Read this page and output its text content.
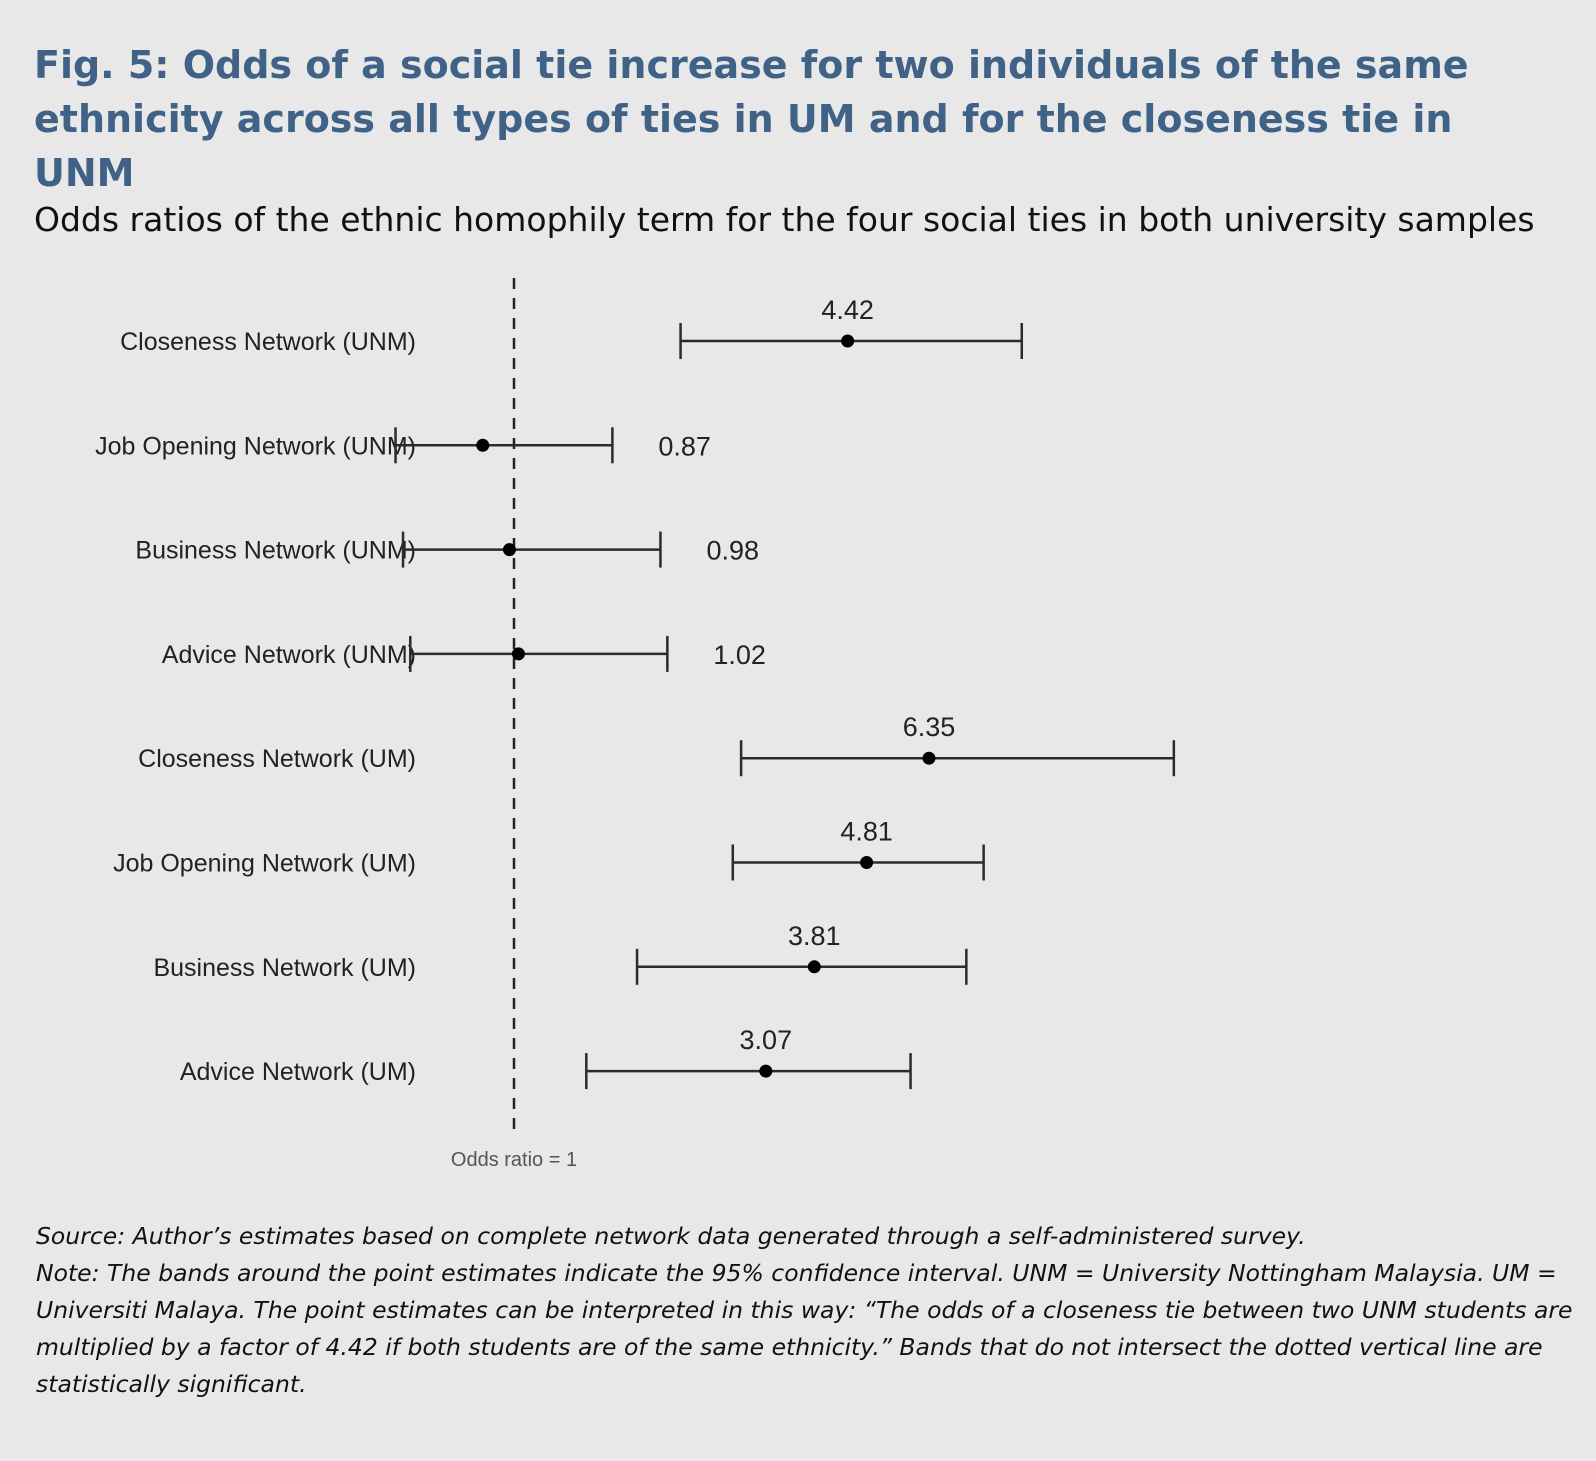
Fig. 5: Odds of a social tie increase for two individuals of the same ethnicity across all types of ties in UM and for the closeness tie in UNM
Odds ratios of the ethnic homophily term for the four social ties in both university samples
Odds ratio = 1
Closeness Network (UNM)
4.42
Job Opening Network (UNM)	0.87
Business Network (UNM)	0.98
Advice Network (UNM)	1.02
Closeness Network (UM)
6.35
Job Opening Network (UM)
4.81
Business Network (UM)
3.81
Advice Network (UM)
3.07

Source: Author’s estimates based on complete network data generated through a self-administered survey.

Note: The bands around the point estimates indicate the 95% confidence interval. UNM = University Nottingham Malaysia. UM = Universiti Malaya. The point estimates can be interpreted in this way: “The odds of a closeness tie between two UNM students are multiplied by a factor of 4.42 if both students are of the same ethnicity.” Bands that do not intersect the dotted vertical line are statistically significant.
